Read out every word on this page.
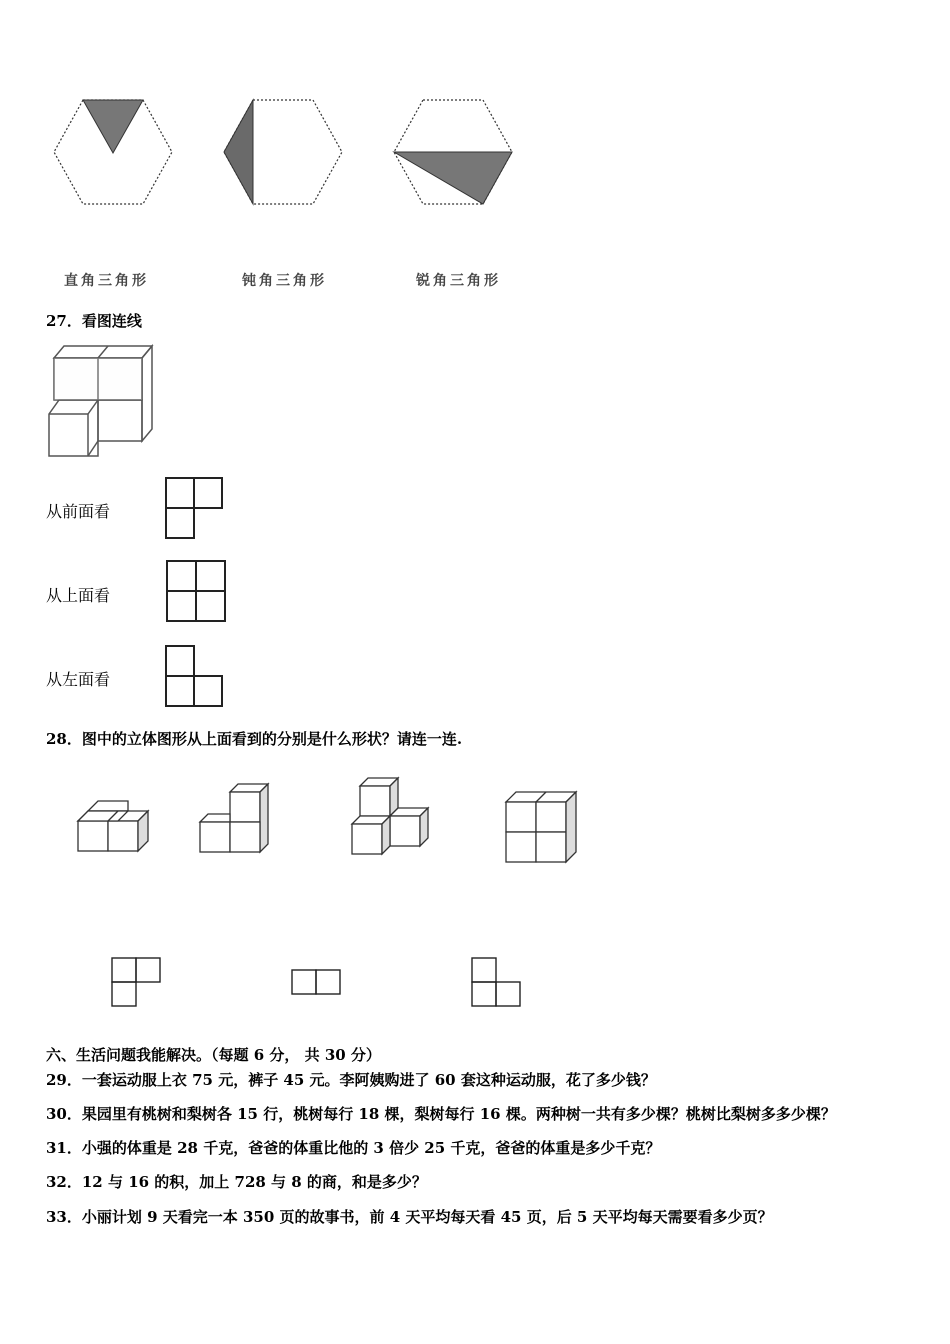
直角三角形	钝角三角形	锐角三角形
27．看图连线
从前面看
从上面看
从左面看
28．图中的立体图形从上面看到的分别是什么形状？请连一连.
六、生活问题我能解决。（每题 6 分， 共 30 分）
29．一套运动服上衣 75 元，裤子 45 元。李阿姨购进了 60 套这种运动服，花了多少钱？
30．果园里有桃树和梨树各 15 行，桃树每行 18 棵，梨树每行 16 棵。两种树一共有多少棵？桃树比梨树多多少棵？
31．小强的体重是 28 千克，爸爸的体重比他的 3 倍少 25 千克，爸爸的体重是多少千克？
32．12 与 16 的积，加上 728 与 8 的商，和是多少？
33．小丽计划 9 天看完一本 350 页的故事书，前 4 天平均每天看 45 页，后 5 天平均每天需要看多少页？
